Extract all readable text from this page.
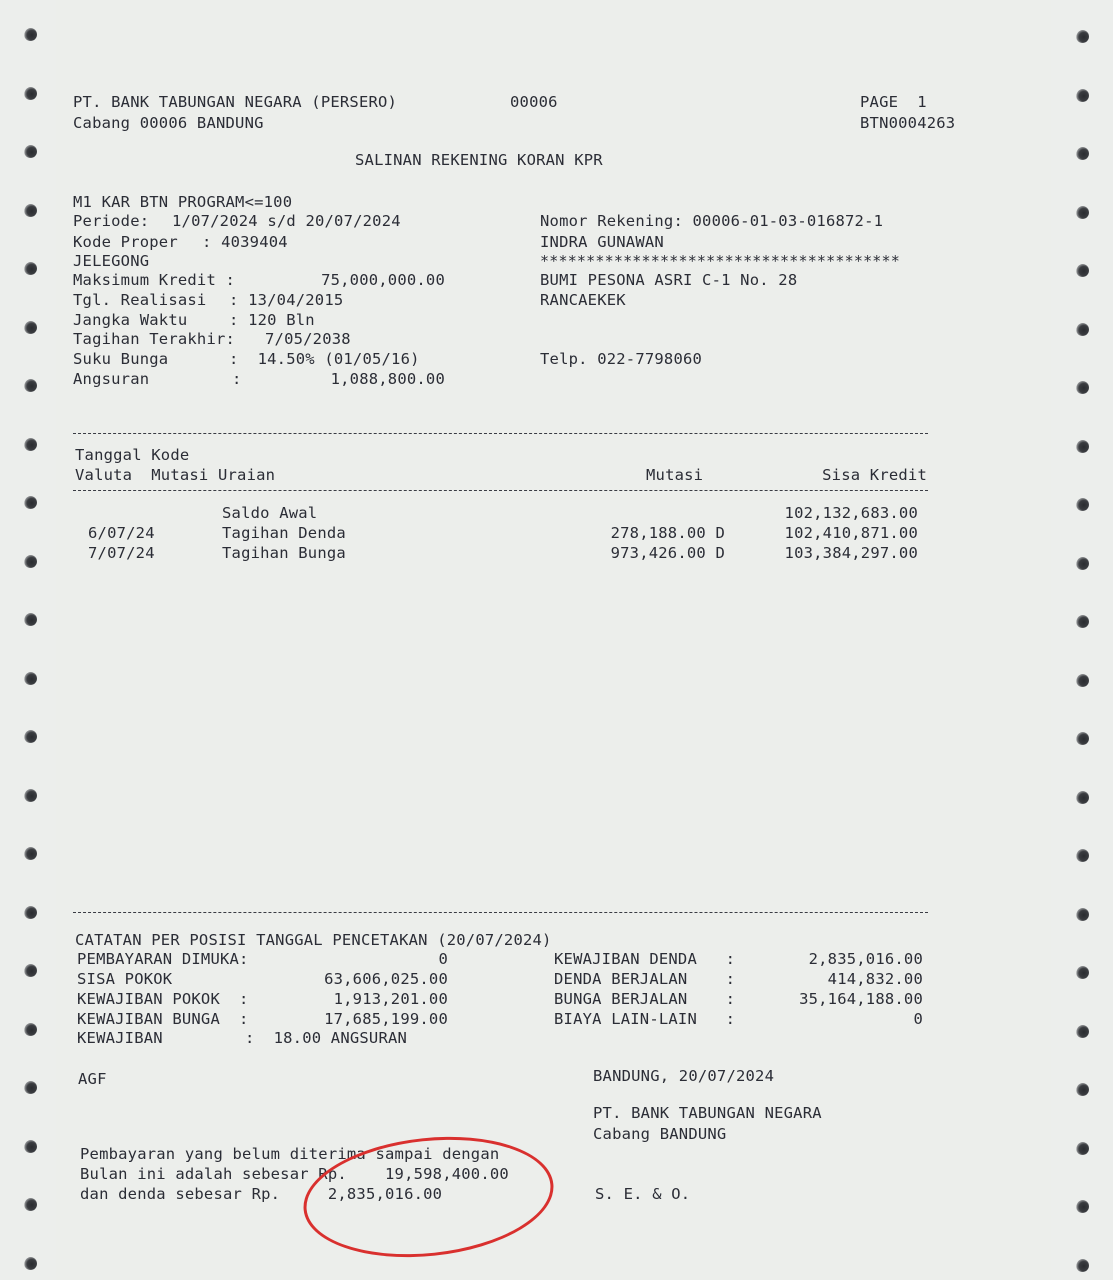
PT. BANK TABUNGAN NEGARA (PERSERO)
Cabang 00006 BANDUNG
00006	PAGE  1
BTN0004263
SALINAN REKENING KORAN KPR
M1 KAR BTN PROGRAM<=100
Periode: 1/07/2024 s/d 20/07/2024
Kode Proper : 4039404
JELEGONG
Maksimum Kredit :	75,000,000.00
Tgl. Realisasi : 13/04/2015
Jangka Waktu	: 120 Bln
Tagihan Terakhir: 7/05/2038
Suku Bunga	:  14.50% (01/05/16)
Angsuran	:	1,088,800.00
Nomor Rekening: 00006-01-03-016872-1
INDRA GUNAWAN
***************************************
BUMI PESONA ASRI C-1 No. 28
RANCAEKEK
Telp. 022-7798060
Tanggal Kode
Valuta  Mutasi Uraian	Mutasi	Sisa Kredit
Saldo Awal	102,132,683.00
6/07/24	Tagihan Denda	278,188.00 D	102,410,871.00
7/07/24	Tagihan Bunga	973,426.00 D	103,384,297.00
CATATAN PER POSISI TANGGAL PENCETAKAN (20/07/2024)
PEMBAYARAN DIMUKA:	0
SISA POKOK	63,606,025.00
KEWAJIBAN POKOK  :	1,913,201.00
KEWAJIBAN BUNGA  :	17,685,199.00
KEWAJIBAN	:  18.00 ANGSURAN
KEWAJIBAN DENDA   :	2,835,016.00
DENDA BERJALAN    :	414,832.00
BUNGA BERJALAN    :	35,164,188.00
BIAYA LAIN-LAIN   :	0
AGF	BANDUNG, 20/07/2024
PT. BANK TABUNGAN NEGARA
Cabang BANDUNG
Pembayaran yang belum diterima sampai dengan
Bulan ini adalah sebesar Rp.    19,598,400.00
dan denda sebesar Rp.     2,835,016.00	S. E. & O.
